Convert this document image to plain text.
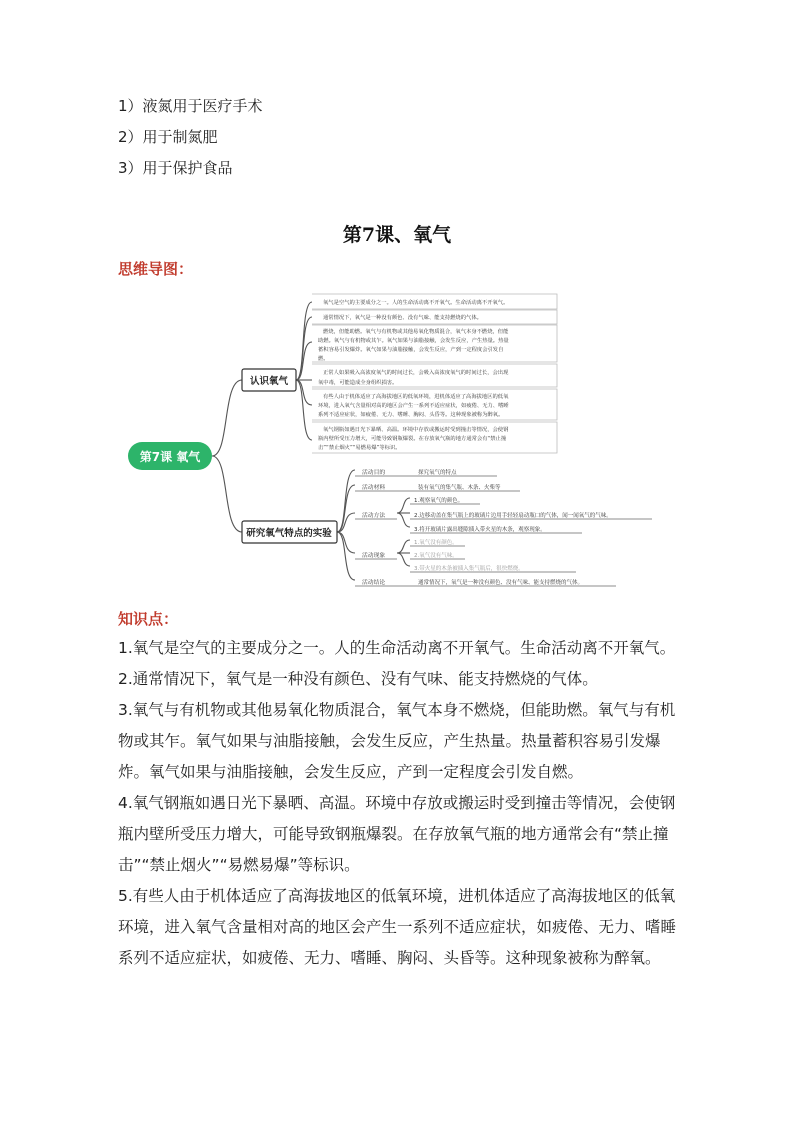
1）液氮用于医疗手术
2）用于制氮肥
3）用于保护食品
第7课、氧气
思维导图：
第7课 氧气
认识氧气
研究氧气特点的实验
氧气是空气的主要成分之一。人的生命活动离不开氧气。生命活动离不开氧气。
通常情况下，氧气是一种没有颜色、没有气味、能支持燃烧的气体。
燃烧，但能助燃。氧气与有机物或其他易氧化物质混合，氧气本身不燃烧，但能
助燃。氧气与有机物或其乍。氧气如果与油脂接触，会发生反应，产生热量。热量
蓄积容易引发爆炸。氧气如果与油脂接触，会发生反应，产到一定程度会引发自
燃。
正常人如果吸入高浓度氧气的时间过长，会吸入高浓度氧气的时间过长，会出现
氧中毒，可能造成全身组织损害。
有些人由于机体适应了高海拔地区的低氧环境，进机体适应了高海拔地区的低氧
环境，进入氧气含量相对高的地区会产生一系列不适应症状，如疲倦、无力、嗜睡
系列不适应症状，如疲倦、无力、嗜睡、胸闷、头昏等。这种现象被称为醉氧。
氧气钢瓶如遇日光下暴晒、高温。环境中存放或搬运时受到撞击等情况，会使钢
瓶内壁所受压力增大，可能导致钢瓶爆裂。在存放氧气瓶的地方通常会有“禁止撞
击”“禁止烟火”“易燃易爆”等标识。
活动目的
活动材料
活动方法
活动现象
活动结论
探究氧气的特点
装有氧气的集气瓶、木条、火柴等
1.观察氧气的颜色。
2.边移动盖在集气瓶上的玻璃片边用手轻轻扇动瓶口的气体，闻一闻氧气的气味。
3.将开玻璃片露出缝隙插入带火星的木条，观察现象。
1.氧气没有颜色。
2.氧气没有气味。
3.带火星的木条被插入集气瓶后，很快燃烧。
通常情况下，氧气是一种没有颜色、没有气味、能支持燃烧的气体。
知识点：
1.氧气是空气的主要成分之一。人的生命活动离不开氧气。生命活动离不开氧气。
2.通常情况下，氧气是一种没有颜色、没有气味、能支持燃烧的气体。
3.氧气与有机物或其他易氧化物质混合，氧气本身不燃烧，但能助燃。氧气与有机物或其乍。氧气如果与油脂接触，会发生反应，产生热量。热量蓄积容易引发爆炸。氧气如果与油脂接触，会发生反应，产到一定程度会引发自燃。
4.氧气钢瓶如遇日光下暴晒、高温。环境中存放或搬运时受到撞击等情况，会使钢瓶内壁所受压力增大，可能导致钢瓶爆裂。在存放氧气瓶的地方通常会有“禁止撞击”“禁止烟火”“易燃易爆”等标识。
5.有些人由于机体适应了高海拔地区的低氧环境，进机体适应了高海拔地区的低氧环境，进入氧气含量相对高的地区会产生一系列不适应症状，如疲倦、无力、嗜睡系列不适应症状，如疲倦、无力、嗜睡、胸闷、头昏等。这种现象被称为醉氧。
